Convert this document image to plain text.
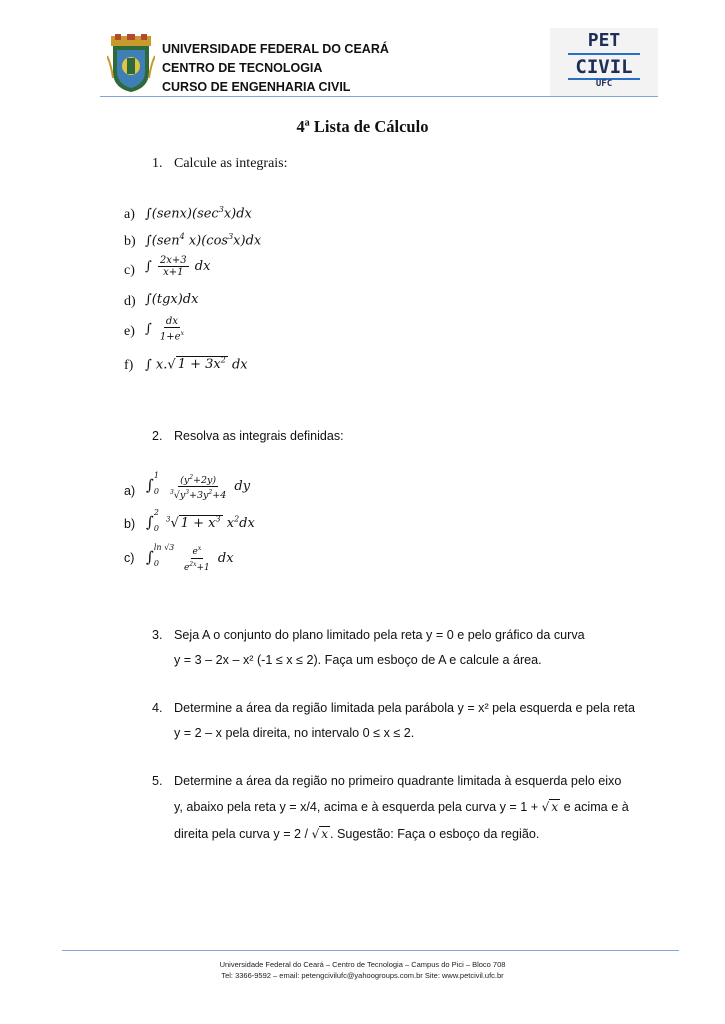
UNIVERSIDADE FEDERAL DO CEARÁ
CENTRO DE TECNOLOGIA
CURSO DE ENGENHARIA CIVIL
PET
CIVIL
UFC
4ª Lista de Cálculo
1. Calcule as integrais:
a) $\int(senx)(\sec^3x)dx$
b) ∫(sen$^4$ $x)(\cos^3x)dx$
c) ∫ $\frac{2x+3}{x+1}$ dx
d) ∫(tgx)dx
e) ∫ $\frac{dx}{1+e^x}$
f) ∫ x.√ $1 + 3x^2$ dx
2. Resolva as integrais definidas:
a) ∫
1
0
$\frac{(y^2+2y)}{^3√y^3+3y^2+4}$ dy
b) ∫
2
0
$^3$√ $1 + x^3$ $x^2dx$
c) ∫
ln √3
0
	$\frac{e^x}{e^{2x}+1}$ dx
3. Seja A o conjunto do plano limitado pela reta y = 0 e pelo gráfico da curva
y = 3 – 2x – x² (-1 ≤ x ≤ 2). Faça um esboço de A e calcule a área.
4. Determine a área da região limitada pela parábola y = x² pela esquerda e pela reta
y = 2 – x pela direita, no intervalo 0 ≤ x ≤ 2.
5. Determine a área da região no primeiro quadrante limitada à esquerda pelo eixo
y, abaixo pela reta y = x/4, acima e à esquerda pela curva y = 1 + √ x e acima e à
direita pela curva y = 2 / √ x . Sugestão: Faça o esboço da região.
Universidade Federal do Ceará – Centro de Tecnologia – Campus do Pici – Bloco 708
Tel: 3366-9592 – email: petengcivilufc@yahoogroups.com.br Site: www.petcivil.ufc.br
